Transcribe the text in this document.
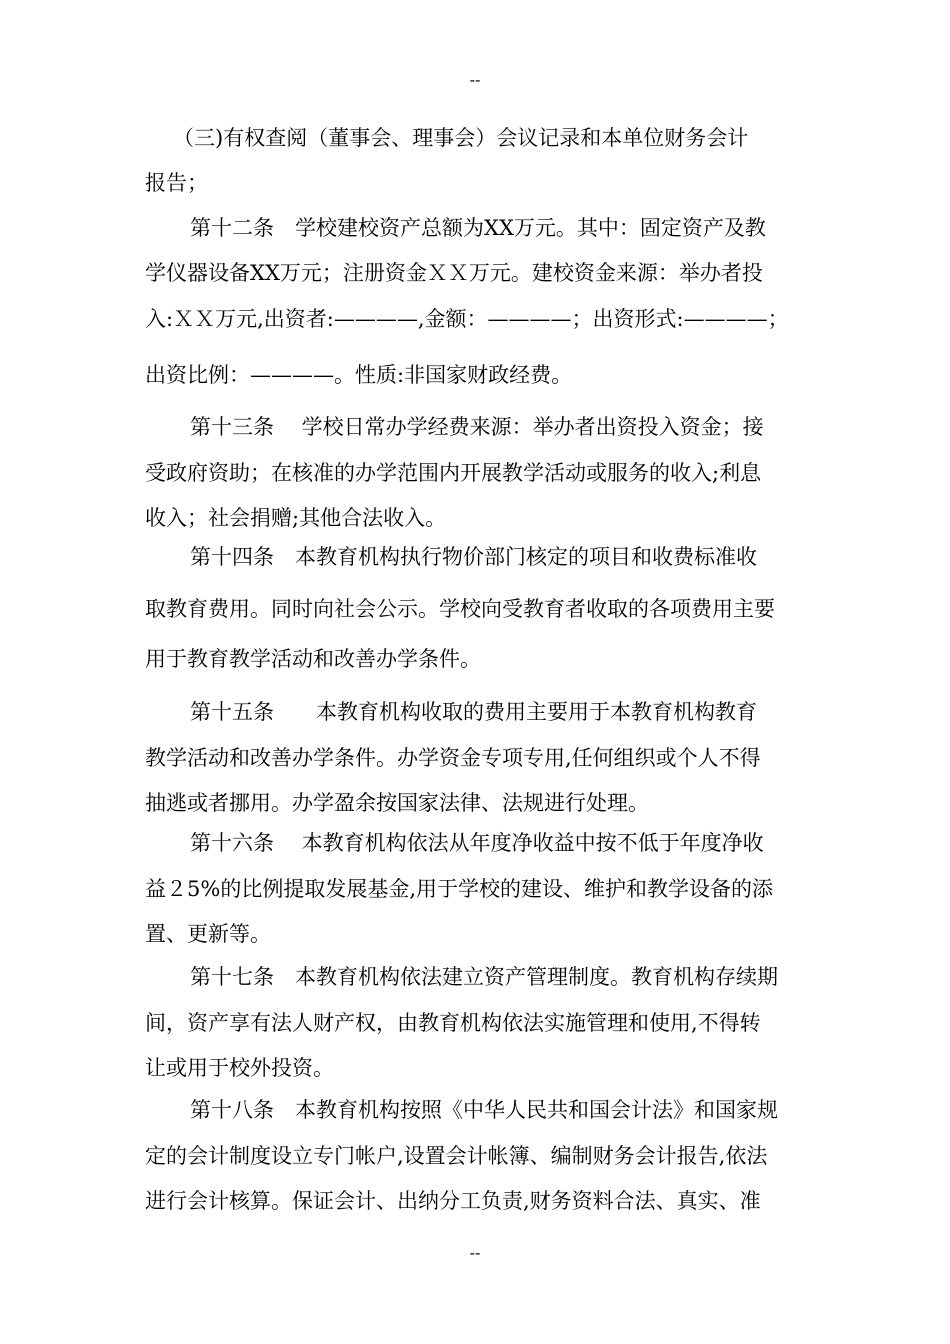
--
（三)有权查阅（董事会、理事会）会议记录和本单位财务会计
报告；
第十二条　学校建校资产总额为XX万元。其中：固定资产及教
学仪器设备XX万元；注册资金ＸＸ万元。建校资金来源：举办者投
入:ＸＸ万元,出资者:————,金额：————；出资形式:————；
出资比例：————。性质:非国家财政经费。
第十三条　 学校日常办学经费来源：举办者出资投入资金；接
受政府资助；在核准的办学范围内开展教学活动或服务的收入;利息
收入；社会捐赠;其他合法收入。
第十四条　本教育机构执行物价部门核定的项目和收费标准收
取教育费用。同时向社会公示。学校向受教育者收取的各项费用主要
用于教育教学活动和改善办学条件。
第十五条　　本教育机构收取的费用主要用于本教育机构教育
教学活动和改善办学条件。办学资金专项专用,任何组织或个人不得
抽逃或者挪用。办学盈余按国家法律、法规进行处理。
第十六条　 本教育机构依法从年度净收益中按不低于年度净收
益２5%的比例提取发展基金,用于学校的建设、维护和教学设备的添
置、更新等。
第十七条　本教育机构依法建立资产管理制度。教育机构存续期
间，资产享有法人财产权，由教育机构依法实施管理和使用,不得转
让或用于校外投资。
第十八条　本教育机构按照《中华人民共和国会计法》和国家规
定的会计制度设立专门帐户,设置会计帐簿、编制财务会计报告,依法
进行会计核算。保证会计、出纳分工负责,财务资料合法、真实、准
--
